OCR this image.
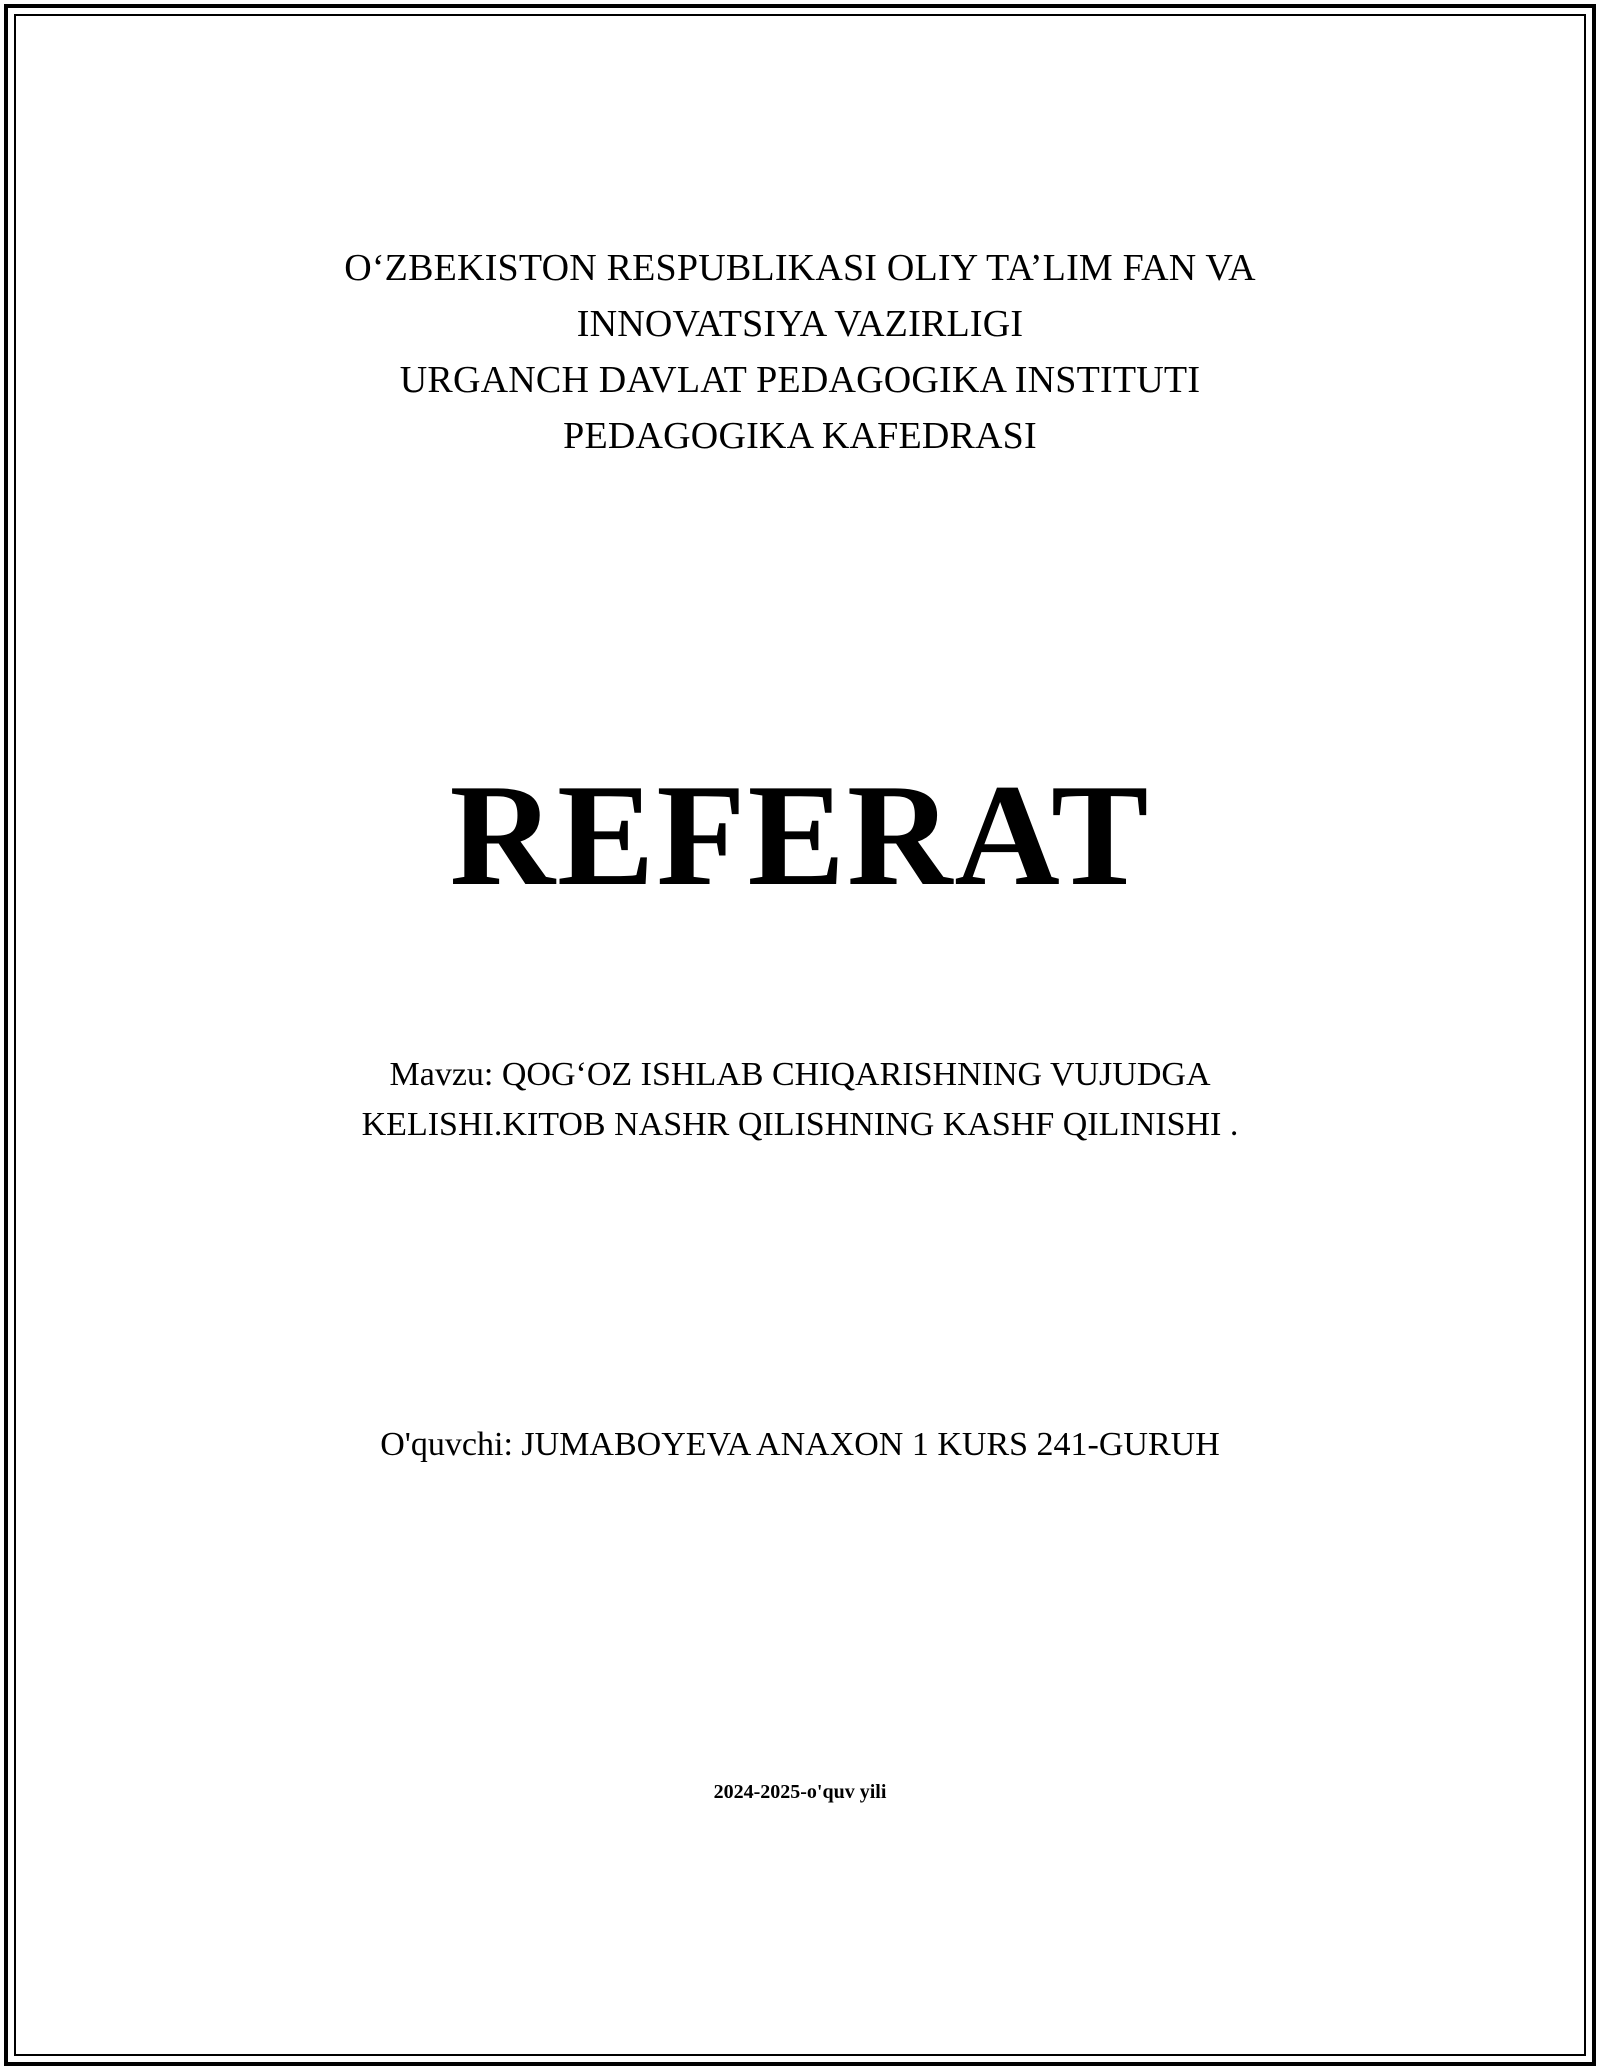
O‘ZBEKISTON RESPUBLIKASI OLIY TA’LIM FAN VA
INNOVATSIYA VAZIRLIGI
URGANCH DAVLAT PEDAGOGIKA INSTITUTI
PEDAGOGIKA KAFEDRASI
REFERAT
Mavzu: QOG‘OZ ISHLAB CHIQARISHNING VUJUDGA
KELISHI.KITOB NASHR QILISHNING KASHF QILINISHI .
O'quvchi: JUMABOYEVA ANAXON 1 KURS 241-GURUH
2024-2025-o'quv yili
